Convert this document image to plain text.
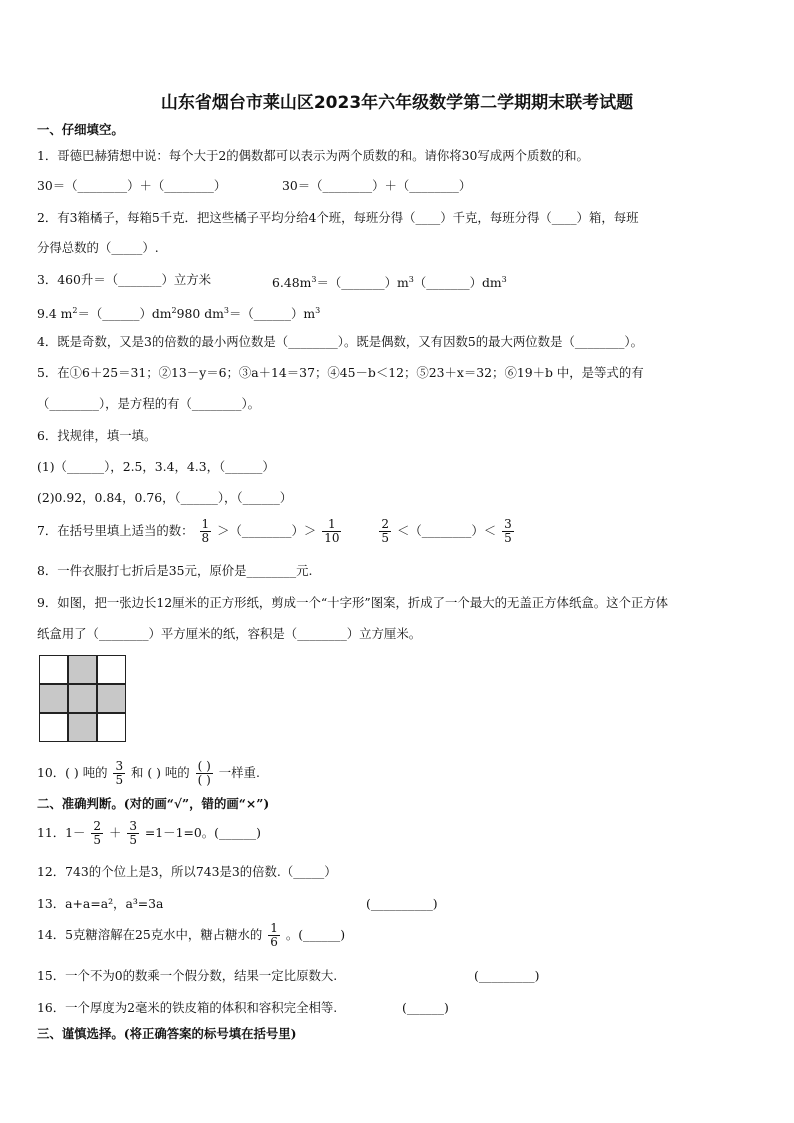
山东省烟台市莱山区2023年六年级数学第二学期期末联考试题
一、仔细填空。
1．哥德巴赫猜想中说：每个大于2的偶数都可以表示为两个质数的和。请你将30写成两个质数的和。
30＝（________）＋（________）	30＝（________）＋（________）
2．有3箱橘子，每箱5千克．把这些橘子平均分给4个班，每班分得（____）千克，每班分得（____）箱，每班
分得总数的（_____）.
3．460升＝（_______）立方米	$6.48m^3=(\_\_\_\_\_\_\_)m^3(\_\_\_\_\_\_\_)dm^3$
9.4 $m^2=(\_\_\_\_\_\_)dm^2980$ $dm^3=(\_\_\_\_\_\_)m^3$
4．既是奇数，又是3的倍数的最小两位数是（________）。既是偶数，又有因数5的最大两位数是（________）。
5．在①6＋25＝31；②13－y＝6；③a＋14＝37；④45－b＜12；⑤23＋x＝32；⑥19＋b 中，是等式的有
（________），是方程的有（________）。
6．找规律，填一填。
(1)（______），2.5，3.4，4.3，（______）
(2)0.92，0.84，0.76，（______），（______）
7．在括号里填上适当的数： $\frac{1}{8}$ ＞（________）＞ $\frac{1}{10}$
	$\frac{2}{5}$ ＜（________）＜ $\frac{3}{5}$
8．一件衣服打七折后是35元，原价是________元.
9．如图，把一张边长12厘米的正方形纸，剪成一个“十字形”图案，折成了一个最大的无盖正方体纸盒。这个正方体
纸盒用了（________）平方厘米的纸，容积是（________）立方厘米。
10．( ) 吨的 $\frac{3}{5}$ 和 ( ) 吨的 $\frac{( )}{( )}$ 一样重.
二、准确判断。(对的画“√”，错的画“×”)
11．$1- \frac{2}{5} + \frac{3}{5} =1-1=0$。(______)
12．743的个位上是3，所以743是3的倍数.（_____）
13．a+a=a²，a³=3a	(__________)
14．5克糖溶解在25克水中，糖占糖水的 $\frac{1}{6}$ 。(______)
15．一个不为0的数乘一个假分数，结果一定比原数大.	(_________)
16．一个厚度为2毫米的铁皮箱的体积和容积完全相等.	(______)
三、谨慎选择。(将正确答案的标号填在括号里)
